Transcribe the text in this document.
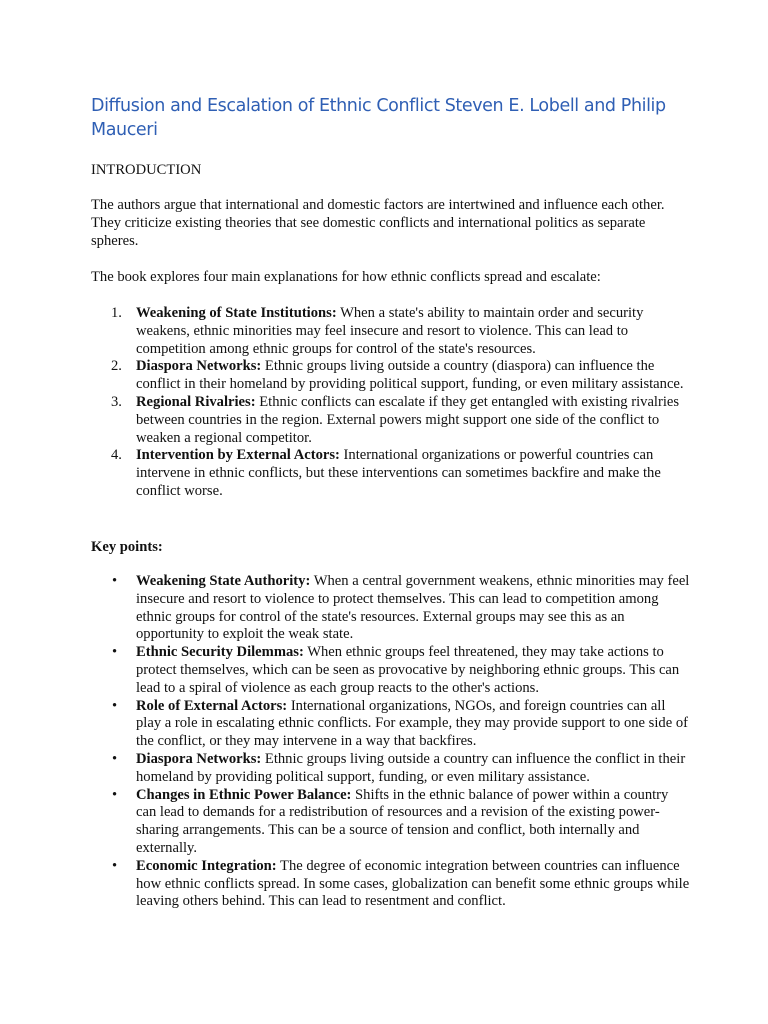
Diffusion and Escalation of Ethnic Conflict Steven E. Lobell and Philip Mauceri

INTRODUCTION

The authors argue that international and domestic factors are intertwined and influence each other. They criticize existing theories that see domestic conflicts and international politics as separate spheres.

The book explores four main explanations for how ethnic conflicts spread and escalate:

1. Weakening of State Institutions: When a state's ability to maintain order and security weakens, ethnic minorities may feel insecure and resort to violence. This can lead to competition among ethnic groups for control of the state's resources.
2. Diaspora Networks: Ethnic groups living outside a country (diaspora) can influence the conflict in their homeland by providing political support, funding, or even military assistance.
3. Regional Rivalries: Ethnic conflicts can escalate if they get entangled with existing rivalries between countries in the region. External powers might support one side of the conflict to weaken a regional competitor.
4. Intervention by External Actors: International organizations or powerful countries can intervene in ethnic conflicts, but these interventions can sometimes backfire and make the conflict worse.

Key points:

• Weakening State Authority: When a central government weakens, ethnic minorities may feel insecure and resort to violence to protect themselves. This can lead to competition among ethnic groups for control of the state's resources. External groups may see this as an opportunity to exploit the weak state.
• Ethnic Security Dilemmas: When ethnic groups feel threatened, they may take actions to protect themselves, which can be seen as provocative by neighboring ethnic groups. This can lead to a spiral of violence as each group reacts to the other's actions.
• Role of External Actors: International organizations, NGOs, and foreign countries can all play a role in escalating ethnic conflicts. For example, they may provide support to one side of the conflict, or they may intervene in a way that backfires.
• Diaspora Networks: Ethnic groups living outside a country can influence the conflict in their homeland by providing political support, funding, or even military assistance.
• Changes in Ethnic Power Balance: Shifts in the ethnic balance of power within a country can lead to demands for a redistribution of resources and a revision of the existing power-sharing arrangements. This can be a source of tension and conflict, both internally and externally.
• Economic Integration: The degree of economic integration between countries can influence how ethnic conflicts spread. In some cases, globalization can benefit some ethnic groups while leaving others behind. This can lead to resentment and conflict.
